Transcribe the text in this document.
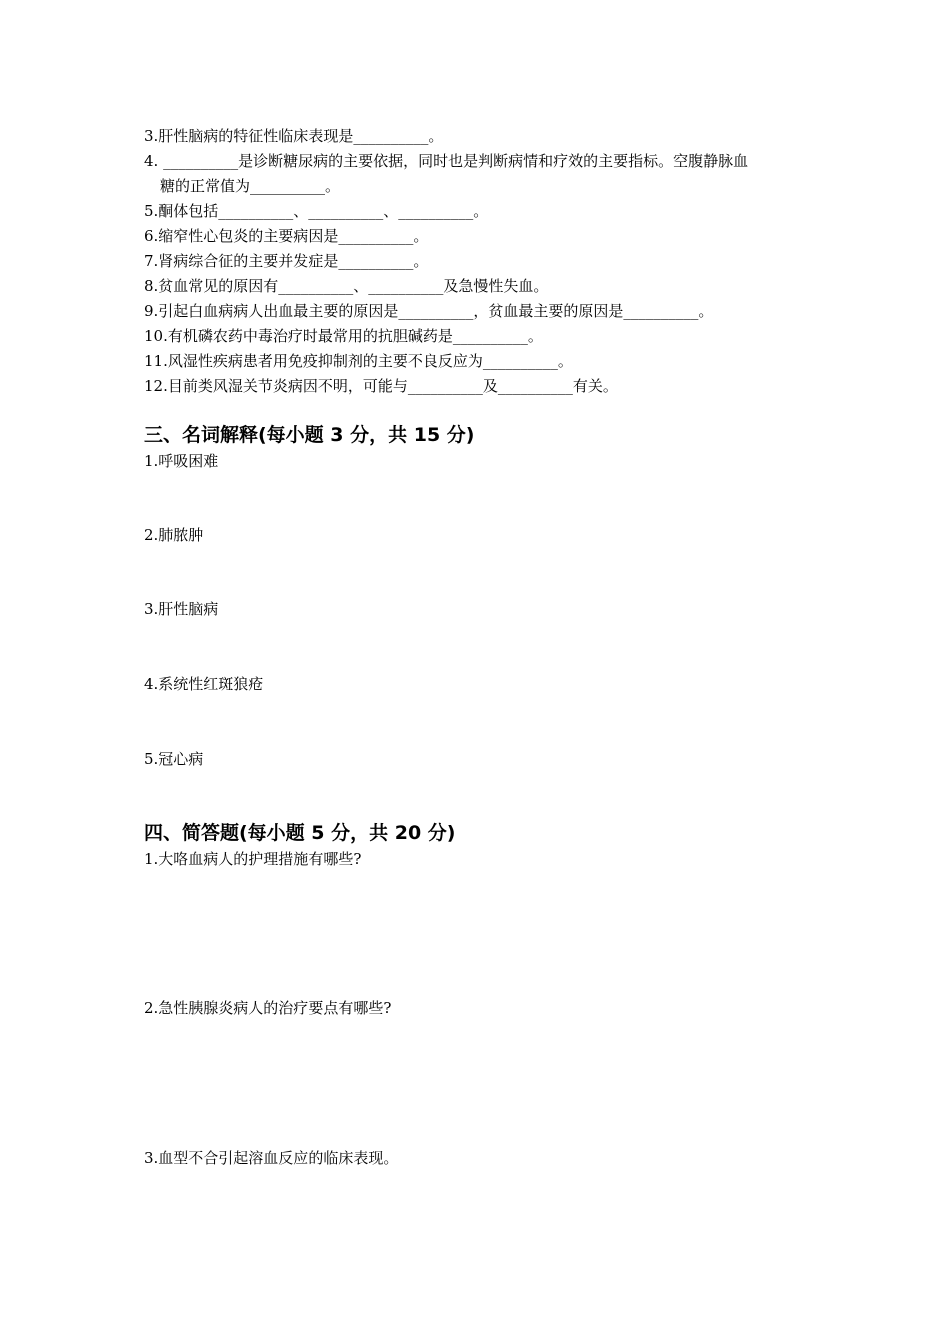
3.肝性脑病的特征性临床表现是__________。
4. __________是诊断糖尿病的主要依据，同时也是判断病情和疗效的主要指标。空腹静脉血
糖的正常值为__________。
5.酮体包括__________、__________、__________。
6.缩窄性心包炎的主要病因是__________。
7.肾病综合征的主要并发症是__________。
8.贫血常见的原因有__________、__________及急慢性失血。
9.引起白血病病人出血最主要的原因是__________，贫血最主要的原因是__________。
10.有机磷农药中毒治疗时最常用的抗胆碱药是__________。
11.风湿性疾病患者用免疫抑制剂的主要不良反应为__________。
12.目前类风湿关节炎病因不明，可能与__________及__________有关。
三、名词解释(每小题 3 分，共 15 分)
1.呼吸困难
2.肺脓肿
3.肝性脑病
4.系统性红斑狼疮
5.冠心病
四、简答题(每小题 5 分，共 20 分)
1.大咯血病人的护理措施有哪些?
2.急性胰腺炎病人的治疗要点有哪些?
3.血型不合引起溶血反应的临床表现。
